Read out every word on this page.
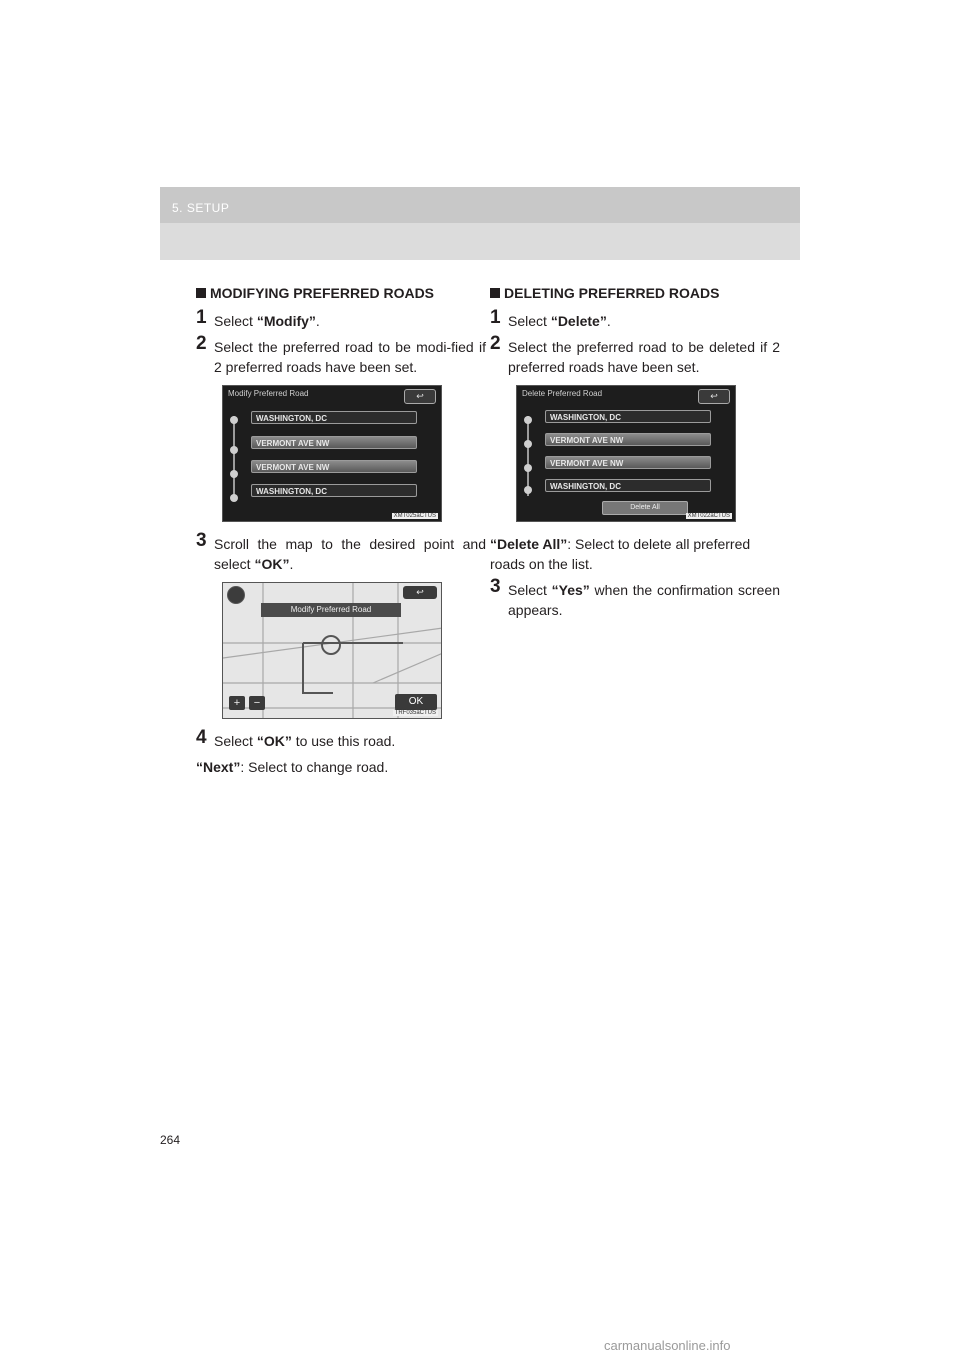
5. SETUP
MODIFYING PREFERRED ROADS
1 Select “Modify”.
2 Select the preferred road to be modi-fied if 2 preferred roads have been set.
Modify Preferred Road	↩
WASHINGTON, DC
VERMONT AVE NW
VERMONT AVE NW
WASHINGTON, DC
XMT025aCTUS
3 Scroll the map to the desired point and select “OK”.
↩
Modify Preferred Road
+	−	OK
TRF035aCTUS
4 Select “OK” to use this road.
“Next”: Select to change road.
DELETING PREFERRED ROADS
1 Select “Delete”.
2 Select the preferred road to be deleted if 2 preferred roads have been set.
Delete Preferred Road	↩
WASHINGTON, DC
VERMONT AVE NW
VERMONT AVE NW
WASHINGTON, DC
Delete All
XMT022aCTUS
“Delete All”: Select to delete all preferred roads on the list.
3 Select “Yes” when the confirmation screen appears.
264
carmanualsonline.info
